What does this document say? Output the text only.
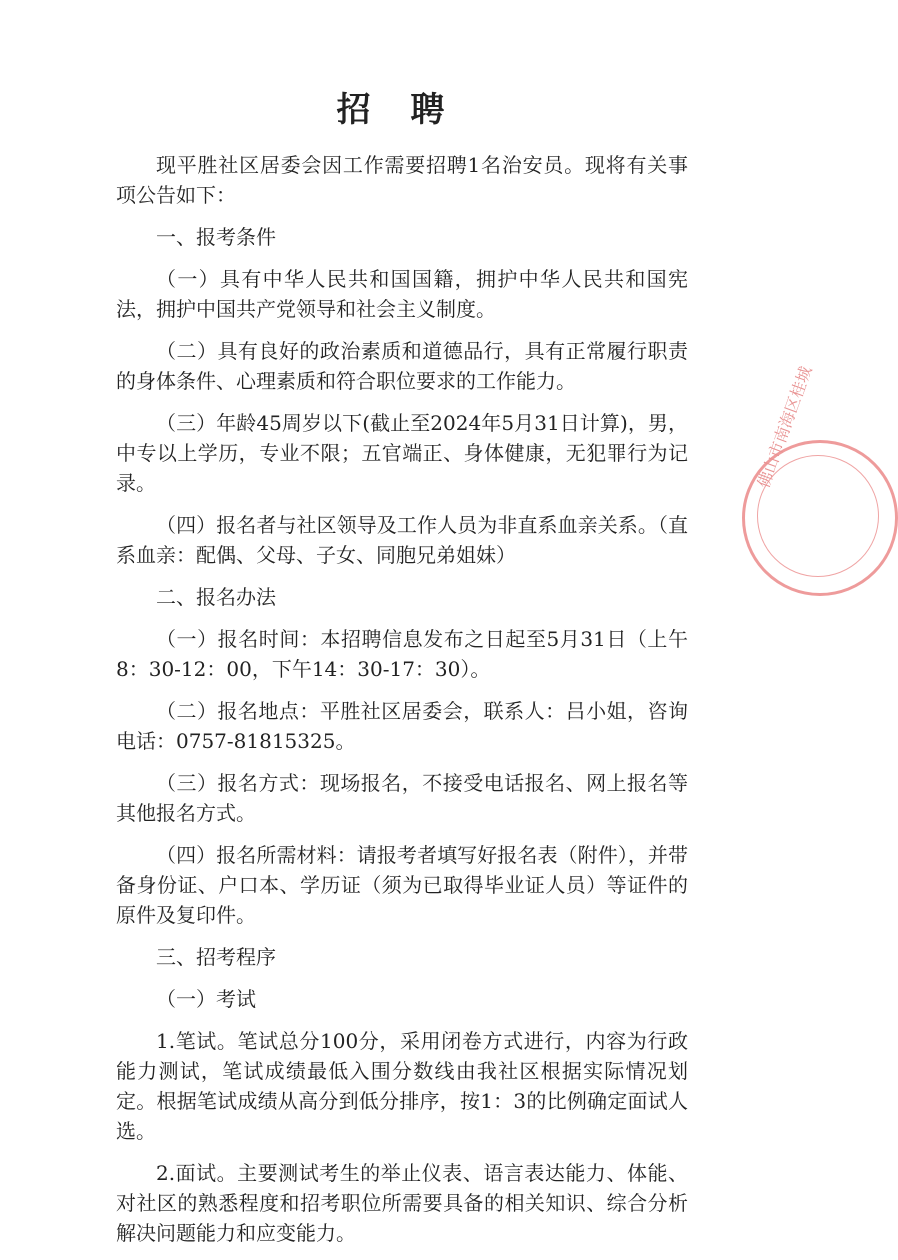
招 聘

现平胜社区居委会因工作需要招聘1名治安员。现将有关事项公告如下：

一、报考条件

（一）具有中华人民共和国国籍，拥护中华人民共和国宪法，拥护中国共产党领导和社会主义制度。

（二）具有良好的政治素质和道德品行，具有正常履行职责的身体条件、心理素质和符合职位要求的工作能力。

（三）年龄45周岁以下(截止至2024年5月31日计算)，男，中专以上学历，专业不限；五官端正、身体健康，无犯罪行为记录。

（四）报名者与社区领导及工作人员为非直系血亲关系。（直系血亲：配偶、父母、子女、同胞兄弟姐妹）

二、报名办法

（一）报名时间：本招聘信息发布之日起至5月31日（上午8：30-12：00，下午14：30-17：30）。

（二）报名地点：平胜社区居委会，联系人：吕小姐，咨询电话：0757-81815325。

（三）报名方式：现场报名，不接受电话报名、网上报名等其他报名方式。

（四）报名所需材料：请报考者填写好报名表（附件），并带备身份证、户口本、学历证（须为已取得毕业证人员）等证件的原件及复印件。

三、招考程序

（一）考试

1.笔试。笔试总分100分，采用闭卷方式进行，内容为行政能力测试，笔试成绩最低入围分数线由我社区根据实际情况划定。根据笔试成绩从高分到低分排序，按1：3的比例确定面试人选。

2.面试。主要测试考生的举止仪表、语言表达能力、体能、对社区的熟悉程度和招考职位所需要具备的相关知识、综合分析解决问题能力和应变能力。

佛山市南海区桂城
